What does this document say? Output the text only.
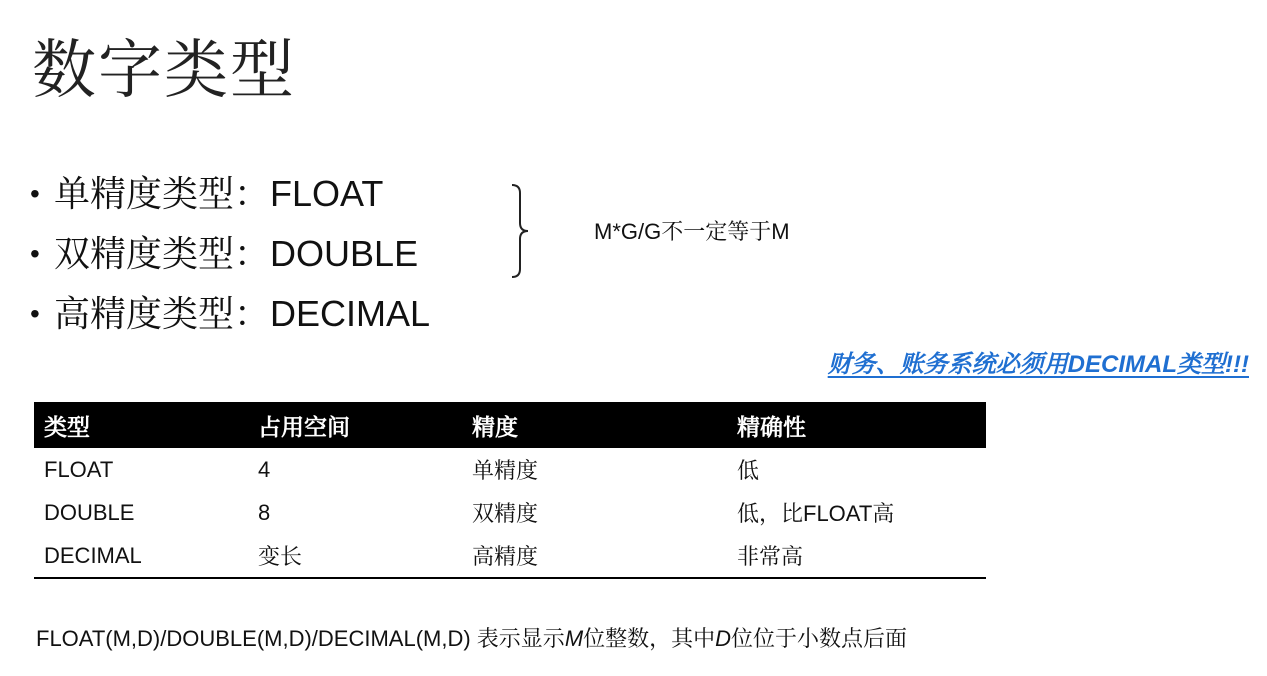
数字类型
• 单精度类型：FLOAT
• 双精度类型：DOUBLE
• 高精度类型：DECIMAL
M*G/G不一定等于M
财务、账务系统必须用DECIMAL类型!!!
类型	占用空间	精度	精确性
FLOAT	4	单精度	低
DOUBLE	8	双精度	低，比FLOAT高
DECIMAL	变长	高精度	非常高
FLOAT(M,D)/DOUBLE(M,D)/DECIMAL(M,D) 表示显示M位整数，其中D位位于小数点后面
